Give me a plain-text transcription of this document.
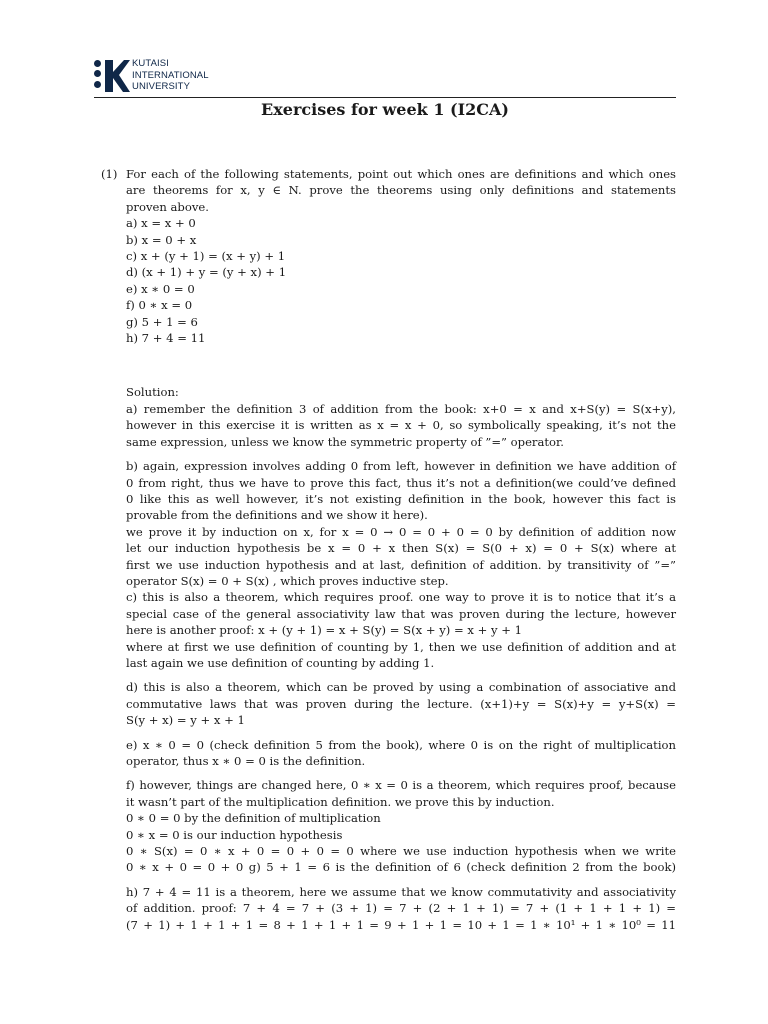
KUTAISI
INTERNATIONAL
UNIVERSITY
Exercises for week 1 (I2CA)
(1) For each of the following statements, point out which ones are definitions and which ones
are theorems for x, y ∈ N. prove the theorems using only definitions and statements
proven above.
a) x = x + 0
b) x = 0 + x
c) x + (y + 1) = (x + y) + 1
d) (x + 1) + y = (y + x) + 1
e) x ∗ 0 = 0
f) 0 ∗ x = 0
g) 5 + 1 = 6
h) 7 + 4 = 11
Solution:
a) remember the definition 3 of addition from the book: x+0 = x and x+S(y) = S(x+y),
however in this exercise it is written as x = x + 0, so symbolically speaking, it’s not the
same expression, unless we know the symmetric property of ”=” operator.
b) again, expression involves adding 0 from left, however in definition we have addition of
0 from right, thus we have to prove this fact, thus it’s not a definition(we could’ve defined
0 like this as well however, it’s not existing definition in the book, however this fact is
provable from the definitions and we show it here).
we prove it by induction on x, for x = 0 → 0 = 0 + 0 = 0 by definition of addition now
let our induction hypothesis be x = 0 + x then S(x) = S(0 + x) = 0 + S(x) where at
first we use induction hypothesis and at last, definition of addition. by transitivity of ”=”
operator S(x) = 0 + S(x) , which proves inductive step.
c) this is also a theorem, which requires proof. one way to prove it is to notice that it’s a
special case of the general associativity law that was proven during the lecture, however
here is another proof: x + (y + 1) = x + S(y) = S(x + y) = x + y + 1
where at first we use definition of counting by 1, then we use definition of addition and at
last again we use definition of counting by adding 1.
d) this is also a theorem, which can be proved by using a combination of associative and
commutative laws that was proven during the lecture. (x+1)+y = S(x)+y = y+S(x) =
S(y + x) = y + x + 1
e) x ∗ 0 = 0 (check definition 5 from the book), where 0 is on the right of multiplication
operator, thus x ∗ 0 = 0 is the definition.
f) however, things are changed here, 0 ∗ x = 0 is a theorem, which requires proof, because
it wasn’t part of the multiplication definition. we prove this by induction.
0 ∗ 0 = 0 by the definition of multiplication
0 ∗ x = 0 is our induction hypothesis
0 ∗ S(x) = 0 ∗ x + 0 = 0 + 0 = 0 where we use induction hypothesis when we write
0 ∗ x + 0 = 0 + 0 g) 5 + 1 = 6 is the definition of 6 (check definition 2 from the book)
h) 7 + 4 = 11 is a theorem, here we assume that we know commutativity and associativity
of addition. proof: 7 + 4 = 7 + (3 + 1) = 7 + (2 + 1 + 1) = 7 + (1 + 1 + 1 + 1) =
(7 + 1) + 1 + 1 + 1 = 8 + 1 + 1 + 1 = 9 + 1 + 1 = 10 + 1 = 1 ∗ 10¹ + 1 ∗ 10⁰ = 11
